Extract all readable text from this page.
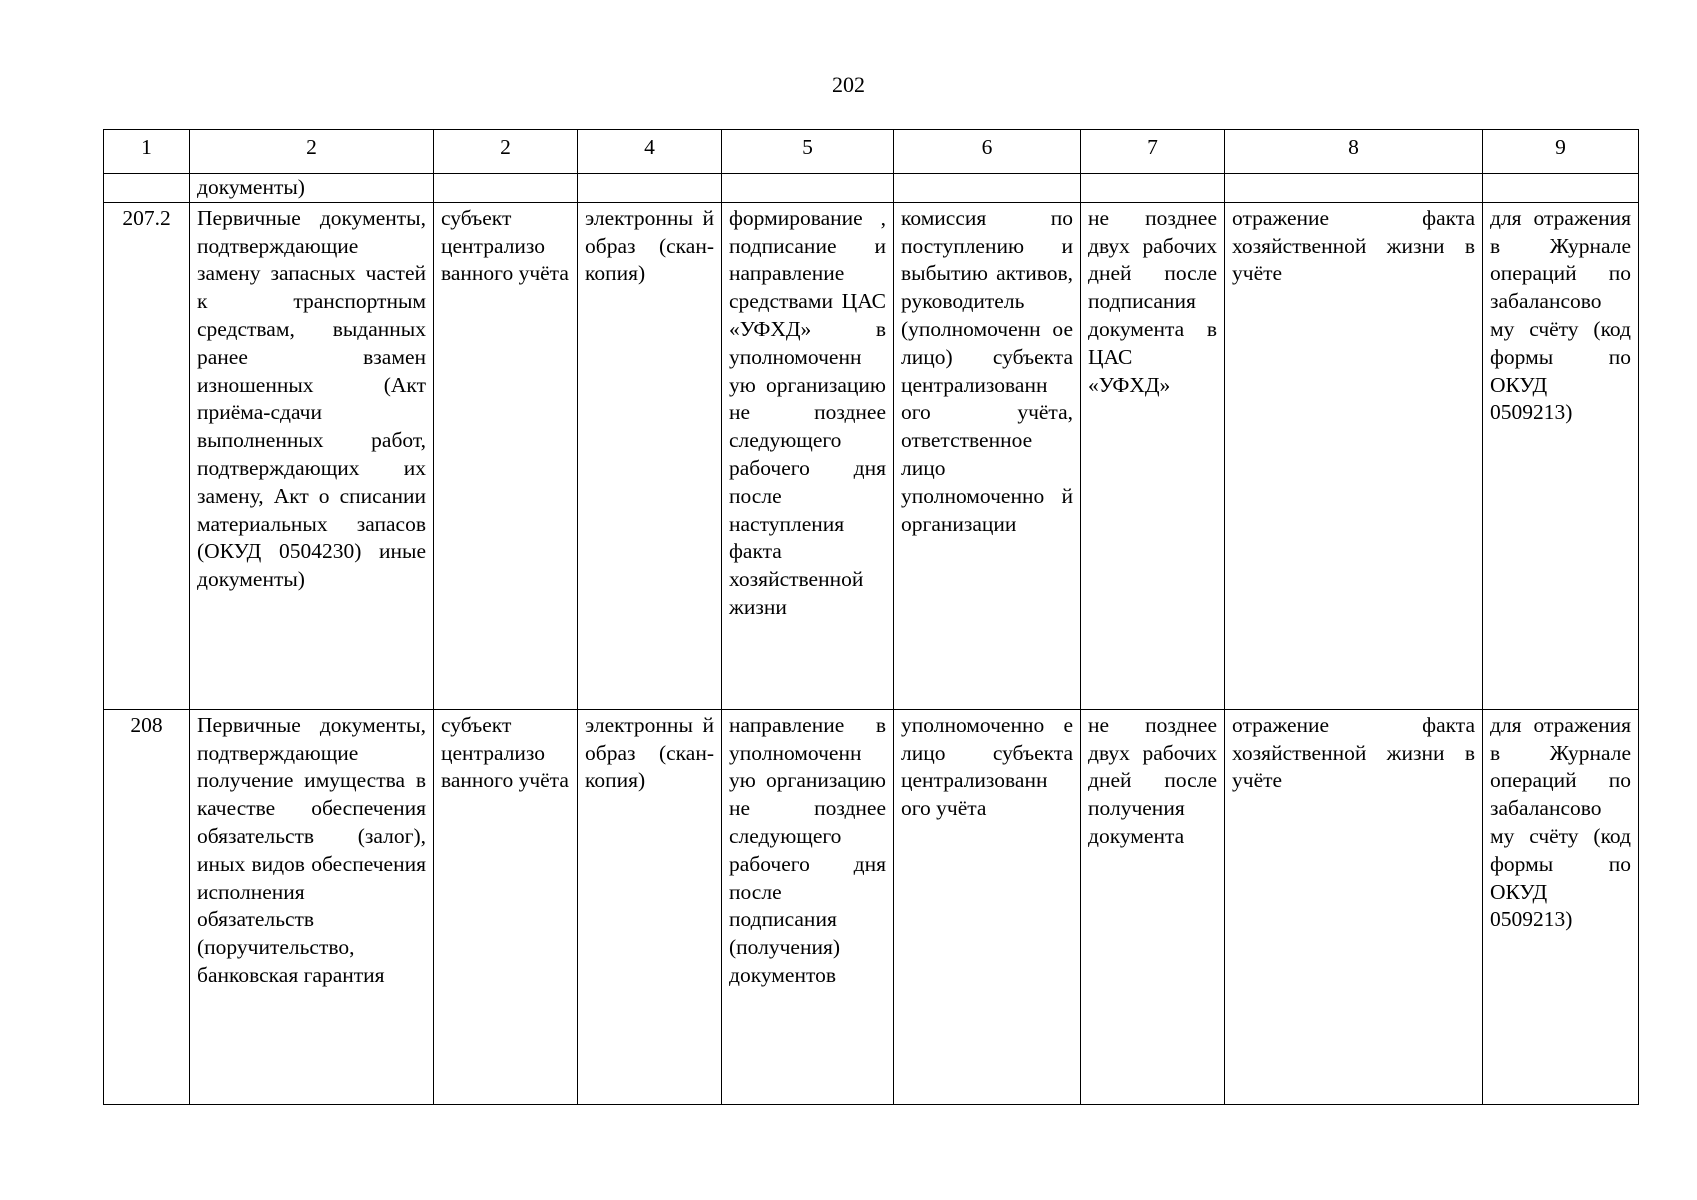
202
1	2	2	4	5	6	7	8	9
	документы)							
207.2	Первичные документы, подтверждающие замену запасных частей к транспортным средствам, выданных ранее взамен изношенных (Акт приёма-сдачи выполненных работ, подтверждающих их замену, Акт о списании материальных запасов (ОКУД 0504230) иные документы)	субъект централизо ванного учёта	электронны й образ (скан-копия)	формирование , подписание и направление средствами ЦАС «УФХД» в уполномоченн ую организацию не позднее следующего рабочего дня после наступления факта хозяйственной жизни	комиссия по поступлению и выбытию активов, руководитель (уполномоченн ое лицо) субъекта централизованн ого учёта, ответственное лицо уполномоченно й организации	не позднее двух рабочих дней после подписания документа в ЦАС «УФХД»	отражение факта хозяйственной жизни в учёте	для отражения в Журнале операций по забалансово му счёту (код формы по ОКУД 0509213)
208	Первичные документы, подтверждающие получение имущества в качестве обеспечения обязательств (залог), иных видов обеспечения исполнения обязательств (поручительство, банковская гарантия	субъект централизо ванного учёта	электронны й образ (скан-копия)	направление в уполномоченн ую организацию не позднее следующего рабочего дня после подписания (получения) документов	уполномоченно е лицо субъекта централизованн ого учёта	не позднее двух рабочих дней после получения документа	отражение факта хозяйственной жизни в учёте	для отражения в Журнале операций по забалансово му счёту (код формы по ОКУД 0509213)
